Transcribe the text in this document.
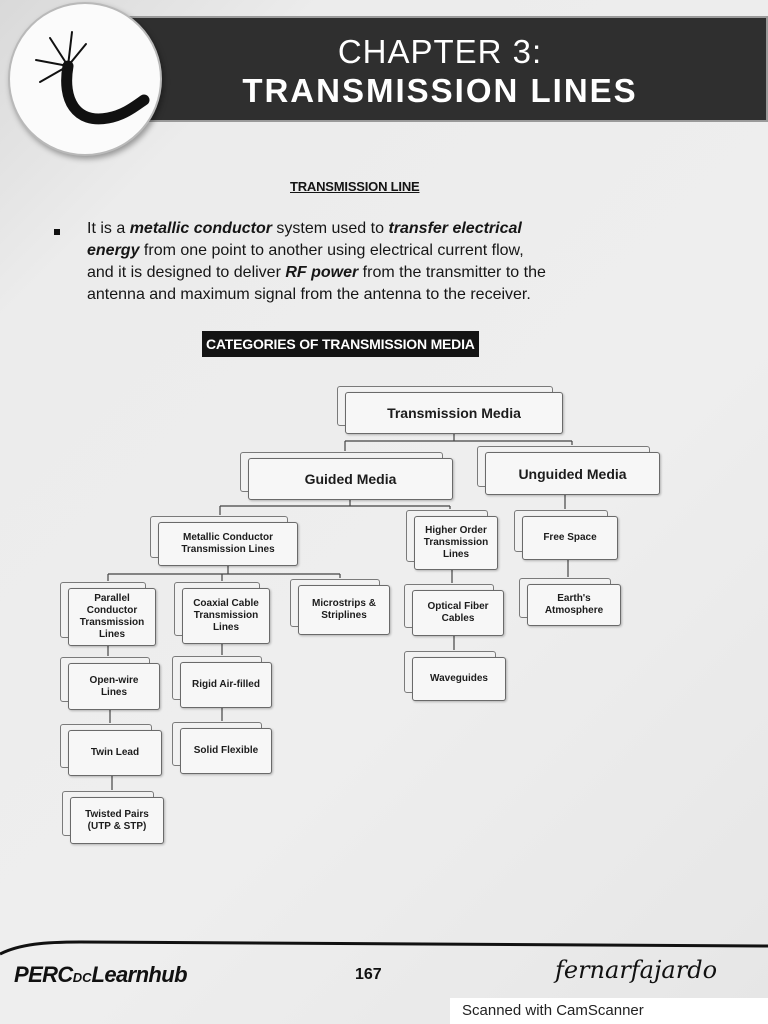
CHAPTER 3:
TRANSMISSION LINES
TRANSMISSION LINE
It is a metallic conductor system used to transfer electrical
energy from one point to another using electrical current flow,
and it is designed to deliver RF power from the transmitter to the
antenna and maximum signal from the antenna to the receiver.
CATEGORIES OF TRANSMISSION MEDIA
Transmission Media
Guided Media	Unguided Media
Metallic Conductor Transmission Lines
Higher Order Transmission Lines
Free Space
Parallel Conductor Transmission Lines
Coaxial Cable Transmission Lines
Microstrips & Striplines
Optical Fiber Cables
Earth's Atmosphere
Open-wire Lines
Rigid Air-filled
Waveguides
Twin Lead	Solid Flexible
Twisted Pairs (UTP & STP)
PERCDCLearnhub	167	fernarfajardo
Scanned with CamScanner
